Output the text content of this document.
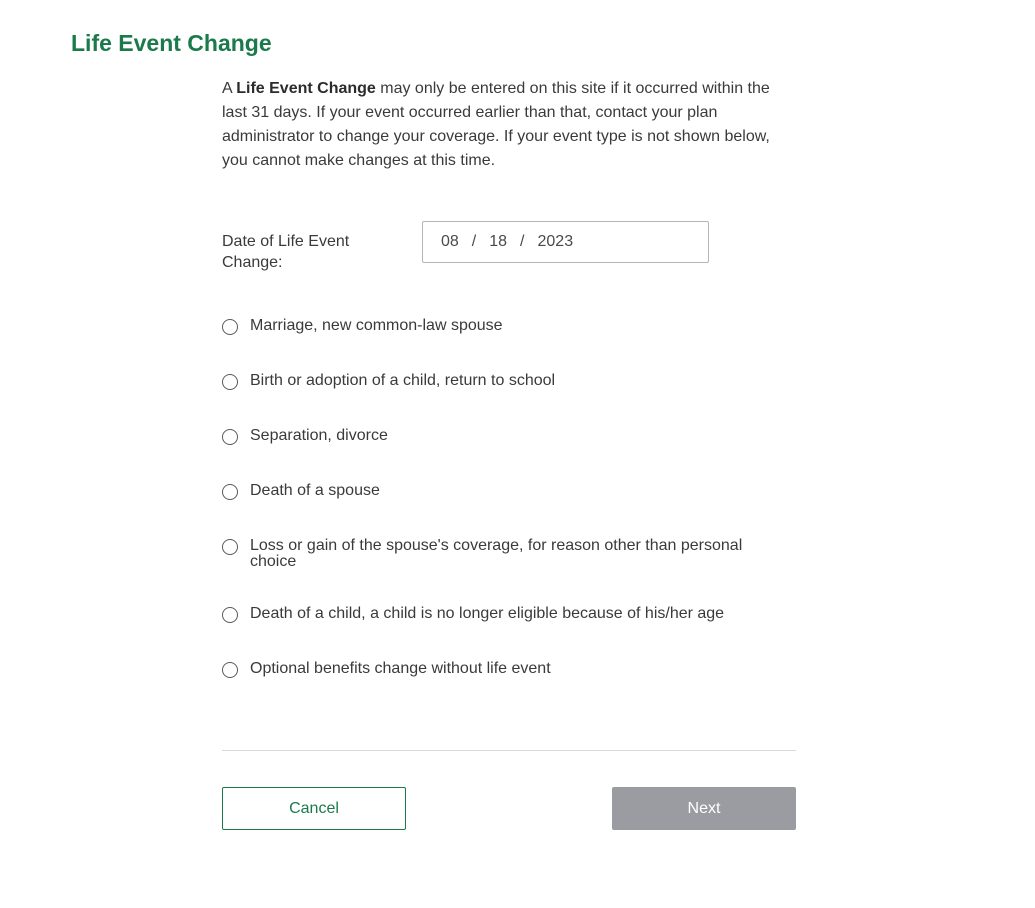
Life Event Change

A Life Event Change may only be entered on this site if it occurred within the last 31 days. If your event occurred earlier than that, contact your plan administrator to change your coverage. If your event type is not shown below, you cannot make changes at this time.

Date of Life Event Change:
08 / 18 / 2023
Marriage, new common-law spouse
Birth or adoption of a child, return to school
Separation, divorce
Death of a spouse
Loss or gain of the spouse's coverage, for reason other than personal choice
Death of a child, a child is no longer eligible because of his/her age
Optional benefits change without life event
Cancel	Next
